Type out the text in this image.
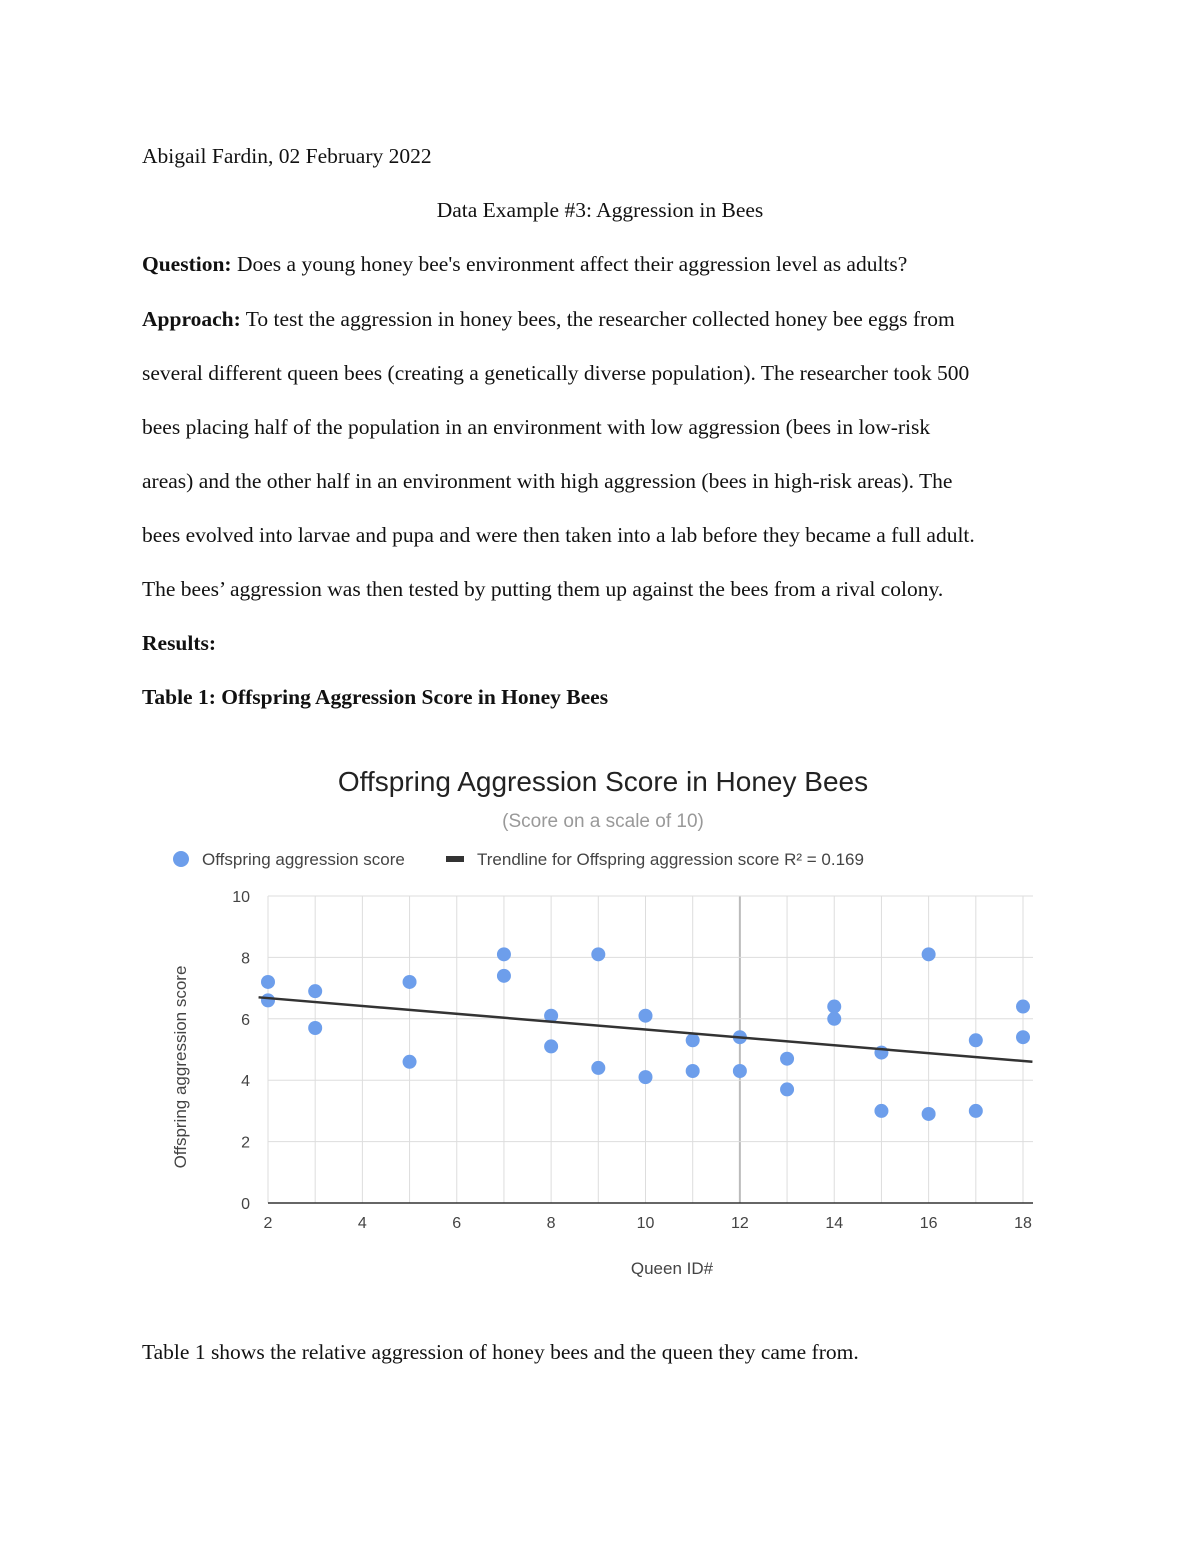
Abigail Fardin, 02 February 2022
Data Example #3: Aggression in Bees
Question: Does a young honey bee's environment affect their aggression level as adults?
Approach: To test the aggression in honey bees, the researcher collected honey bee eggs from
several different queen bees (creating a genetically diverse population). The researcher took 500
bees placing half of the population in an environment with low aggression (bees in low-risk
areas) and the other half in an environment with high aggression (bees in high-risk areas). The
bees evolved into larvae and pupa and were then taken into a lab before they became a full adult.
The bees’ aggression was then tested by putting them up against the bees from a rival colony.
Results:
Table 1: Offspring Aggression Score in Honey Bees
Offspring Aggression Score in Honey Bees
(Score on a scale of 10)
Offspring aggression score	Trendline for Offspring aggression score R² = 0.169
0
2
4
6
8
10
2	4	6	8	10	12	14	16	18
Queen ID#
Offspring aggression score
Table 1 shows the relative aggression of honey bees and the queen they came from.
